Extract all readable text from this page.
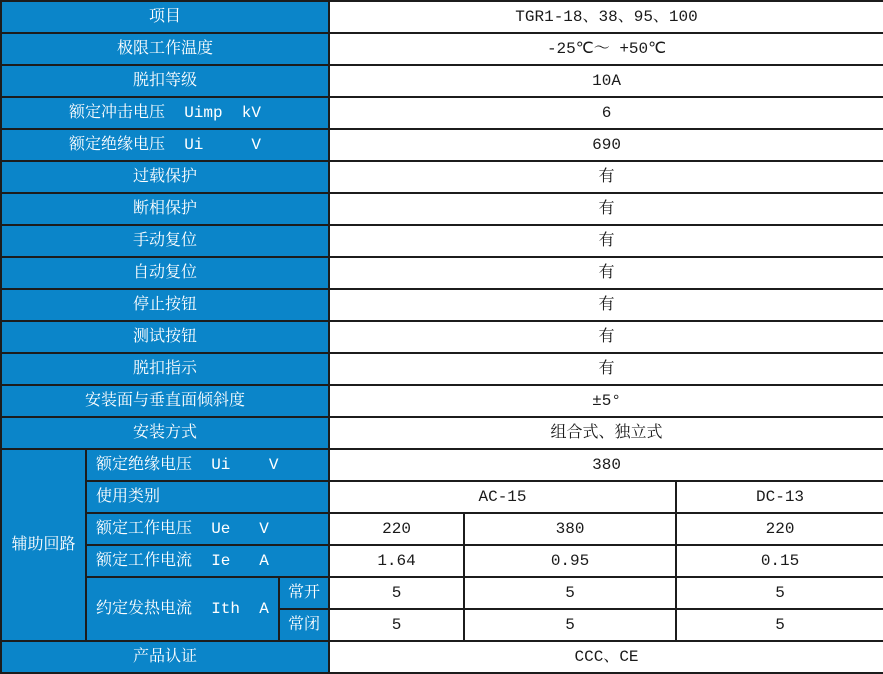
项目			TGR1-18、38、95、100		
极限工作温度			-25℃～ +50℃		
脱扣等级			10A		
额定冲击电压  Uimp  kV			6		
额定绝缘电压  Ui     V			690		
过载保护			有		
断相保护			有		
手动复位			有		
自动复位			有		
停止按钮			有		
测试按钮			有		
脱扣指示			有		
安装面与垂直面倾斜度			±5°		
安装方式			组合式、独立式		
辅助回路	额定绝缘电压  Ui    V		380		
	使用类别		AC-15		DC-13
	额定工作电压  Ue   V		220	380	220
	额定工作电流  Ie   A		1.64	0.95	0.15
	约定发热电流  Ith  A	常开	5	5	5
		常闭	5	5	5
产品认证			CCC、CE		
